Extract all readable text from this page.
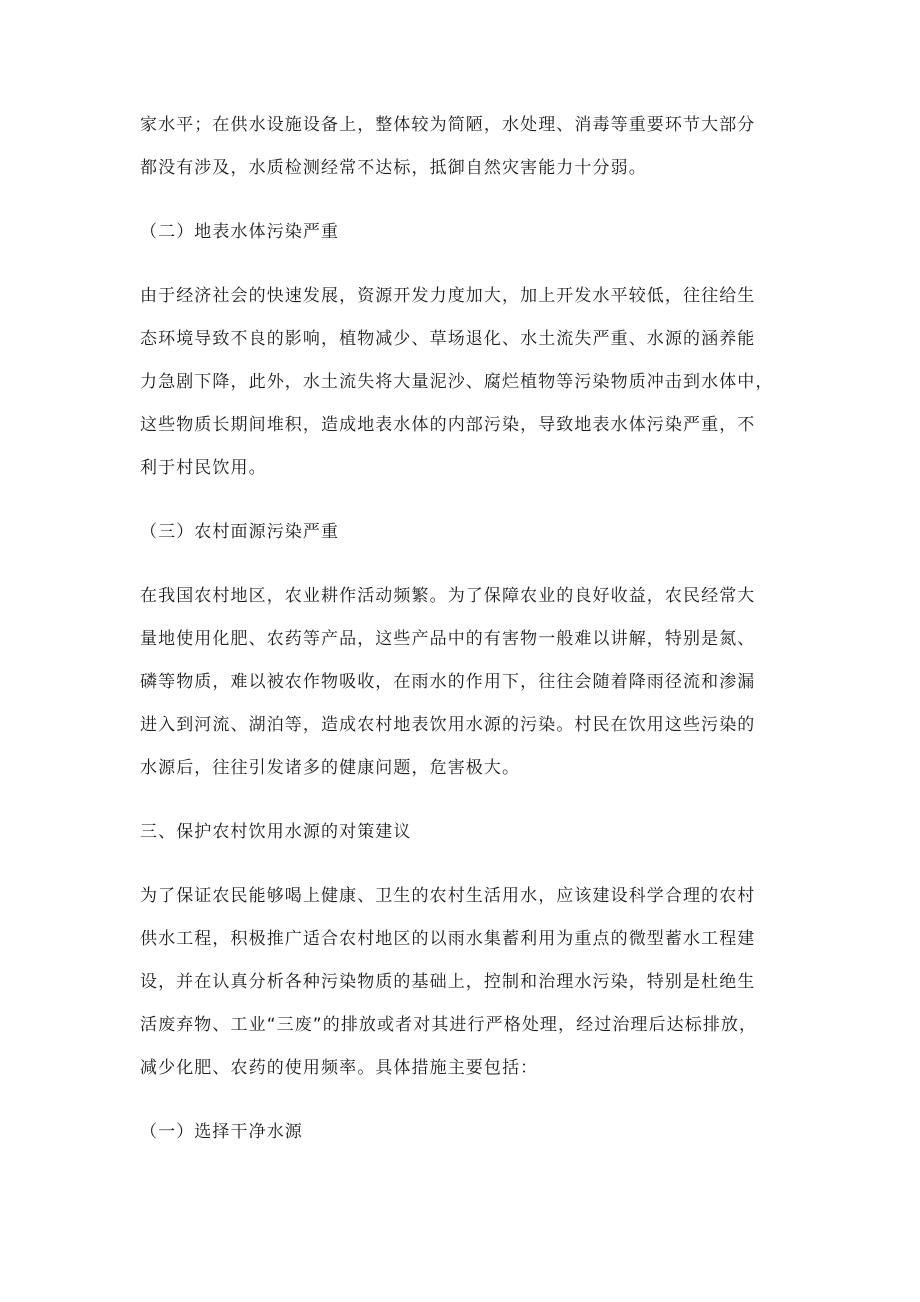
家水平；在供水设施设备上，整体较为简陋，水处理、消毒等重要环节大部分
都没有涉及，水质检测经常不达标，抵御自然灾害能力十分弱。
（二）地表水体污染严重
由于经济社会的快速发展，资源开发力度加大，加上开发水平较低，往往给生
态环境导致不良的影响，植物减少、草场退化、水土流失严重、水源的涵养能
力急剧下降，此外，水土流失将大量泥沙、腐烂植物等污染物质冲击到水体中，
这些物质长期间堆积，造成地表水体的内部污染，导致地表水体污染严重，不
利于村民饮用。
（三）农村面源污染严重
在我国农村地区，农业耕作活动频繁。为了保障农业的良好收益，农民经常大
量地使用化肥、农药等产品，这些产品中的有害物一般难以讲解，特别是氮、
磷等物质，难以被农作物吸收，在雨水的作用下，往往会随着降雨径流和渗漏
进入到河流、湖泊等，造成农村地表饮用水源的污染。村民在饮用这些污染的
水源后，往往引发诸多的健康问题，危害极大。
三、保护农村饮用水源的对策建议
为了保证农民能够喝上健康、卫生的农村生活用水，应该建设科学合理的农村
供水工程，积极推广适合农村地区的以雨水集蓄利用为重点的微型蓄水工程建
设，并在认真分析各种污染物质的基础上，控制和治理水污染，特别是杜绝生
活废弃物、工业“三废”的排放或者对其进行严格处理，经过治理后达标排放，
减少化肥、农药的使用频率。具体措施主要包括：
（一）选择干净水源
